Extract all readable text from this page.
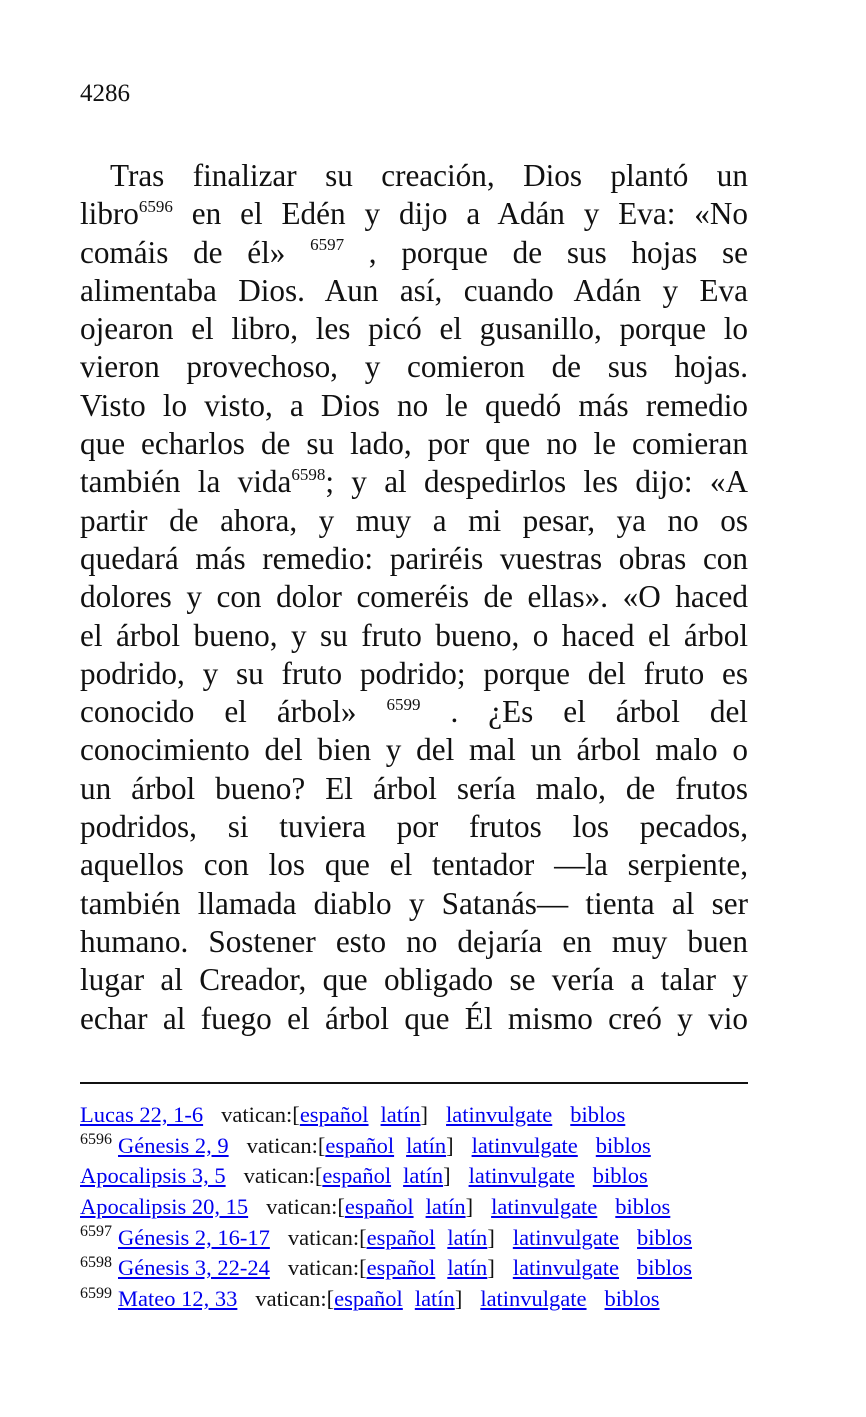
4286
Tras finalizar su creación, Dios plantó un
libro$^{6596}$ en el Edén y dijo a Adán y Eva: «No
comáis de él» $^{6597}$ , porque de sus hojas se
alimentaba Dios. Aun así, cuando Adán y Eva
ojearon el libro, les picó el gusanillo, porque lo
vieron provechoso, y comieron de sus hojas.
Visto lo visto, a Dios no le quedó más remedio
que echarlos de su lado, por que no le comieran
también la vida$^{6598}$; y al despedirlos les dijo: «A
partir de ahora, y muy a mi pesar, ya no os
quedará más remedio: pariréis vuestras obras con
dolores y con dolor comeréis de ellas». «O haced
el árbol bueno, y su fruto bueno, o haced el árbol
podrido, y su fruto podrido; porque del fruto es
conocido el árbol» $^{6599}$ . ¿Es el árbol del
conocimiento del bien y del mal un árbol malo o
un árbol bueno? El árbol sería malo, de frutos
podridos, si tuviera por frutos los pecados,
aquellos con los que el tentador —la serpiente,
también llamada diablo y Satanás— tienta al ser
humano. Sostener esto no dejaría en muy buen
lugar al Creador, que obligado se vería a talar y
echar al fuego el árbol que Él mismo creó y vio
Lucas 22, 1-6 vatican:[español latín] latinvulgate biblos
$^{6596}$ Génesis 2, 9 vatican:[español latín] latinvulgate biblos
Apocalipsis 3, 5 vatican:[español latín] latinvulgate biblos
Apocalipsis 20, 15 vatican:[español latín] latinvulgate biblos
$^{6597}$ Génesis 2, 16-17 vatican:[español latín] latinvulgate biblos
$^{6598}$ Génesis 3, 22-24 vatican:[español latín] latinvulgate biblos
$^{6599}$ Mateo 12, 33 vatican:[español latín] latinvulgate biblos
